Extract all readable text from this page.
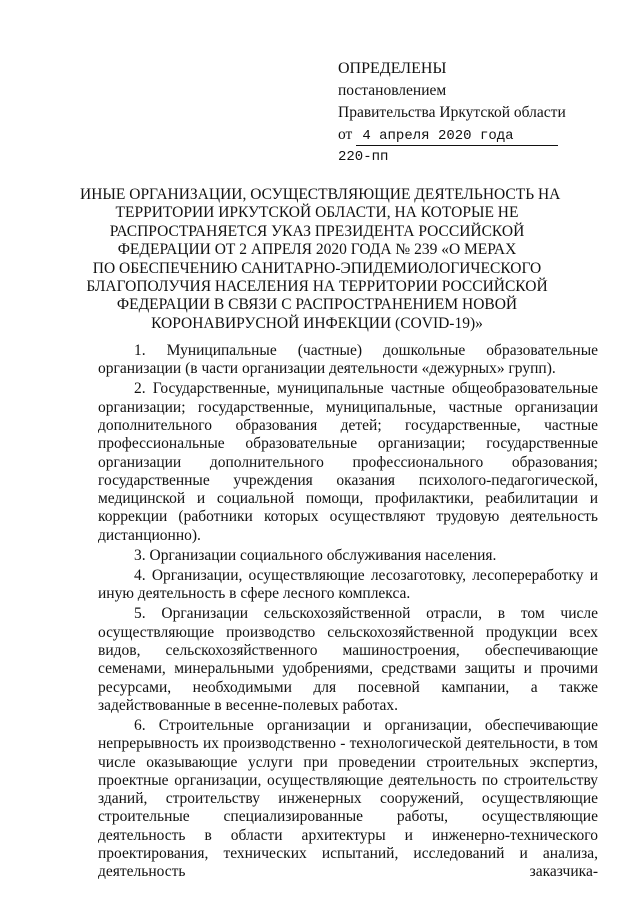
ОПРЕДЕЛЕНЫ
постановлением
Правительства Иркутской области
от 4 апреля 2020 года
220-пп
ИНЫЕ ОРГАНИЗАЦИИ, ОСУЩЕСТВЛЯЮЩИЕ ДЕЯТЕЛЬНОСТЬ НА
ТЕРРИТОРИИ ИРКУТСКОЙ ОБЛАСТИ, НА КОТОРЫЕ НЕ
РАСПРОСТРАНЯЕТСЯ УКАЗ ПРЕЗИДЕНТА РОССИЙСКОЙ
ФЕДЕРАЦИИ ОТ 2 АПРЕЛЯ 2020 ГОДА № 239 «О МЕРАХ
ПО ОБЕСПЕЧЕНИЮ САНИТАРНО-ЭПИДЕМИОЛОГИЧЕСКОГО
БЛАГОПОЛУЧИЯ НАСЕЛЕНИЯ НА ТЕРРИТОРИИ РОССИЙСКОЙ
ФЕДЕРАЦИИ В СВЯЗИ С РАСПРОСТРАНЕНИЕМ НОВОЙ
КОРОНАВИРУСНОЙ ИНФЕКЦИИ (COVID-19)»

1. Муниципальные (частные) дошкольные образовательные организации (в части организации деятельности «дежурных» групп).

2. Государственные, муниципальные частные общеобразовательные организации; государственные, муниципальные, частные организации дополнительного образования детей; государственные, частные профессиональные образовательные организации; государственные организации дополнительного профессионального образования; государственные учреждения оказания психолого-педагогической, медицинской и социальной помощи, профилактики, реабилитации и коррекции (работники которых осуществляют трудовую деятельность дистанционно).

3. Организации социального обслуживания населения.

4. Организации, осуществляющие лесозаготовку, лесопереработку и иную деятельность в сфере лесного комплекса.

5. Организации сельскохозяйственной отрасли, в том числе осуществляющие производство сельскохозяйственной продукции всех видов, сельскохозяйственного машиностроения, обеспечивающие семенами, минеральными удобрениями, средствами защиты и прочими ресурсами, необходимыми для посевной кампании, а также задействованные в весенне-полевых работах.

6. Строительные организации и организации, обеспечивающие непрерывность их производственно - технологической деятельности, в том числе оказывающие услуги при проведении строительных экспертиз, проектные организации, осуществляющие деятельность по строительству зданий, строительству инженерных сооружений, осуществляющие строительные специализированные работы, осуществляющие деятельность в области архитектуры и инженерно-технического проектирования, технических испытаний, исследований и анализа, деятельность заказчика-
